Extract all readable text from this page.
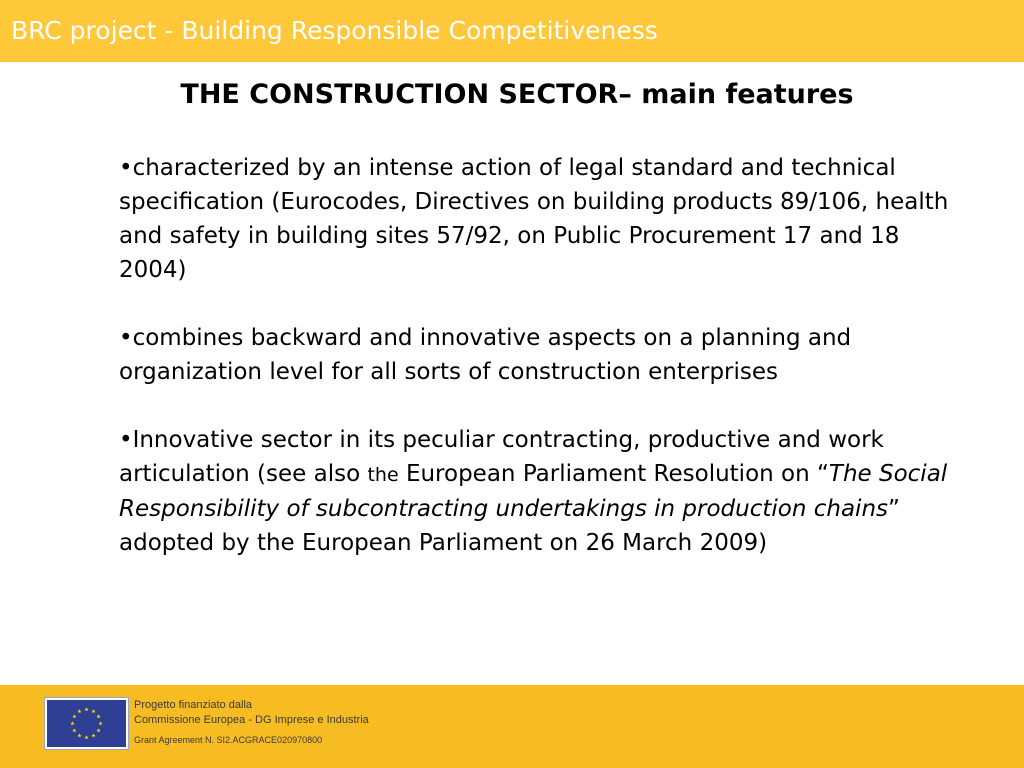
BRC project - Building Responsible Competitiveness
THE CONSTRUCTION SECTOR– main features

•characterized by an intense action of legal standard and technical specification (Eurocodes, Directives on building products 89/106, health and safety in building sites 57/92, on Public Procurement 17 and 18 2004)

•combines backward and innovative aspects on a planning and organization level for all sorts of construction enterprises

•Innovative sector in its peculiar contracting, productive and work articulation (see also the European Parliament Resolution on “The Social Responsibility of subcontracting undertakings in production chains” adopted by the European Parliament on 26 March 2009)

Progetto finanziato dalla
Commissione Europea - DG Imprese e Industria
Grant Agreement N. SI2.ACGRACE020970800
